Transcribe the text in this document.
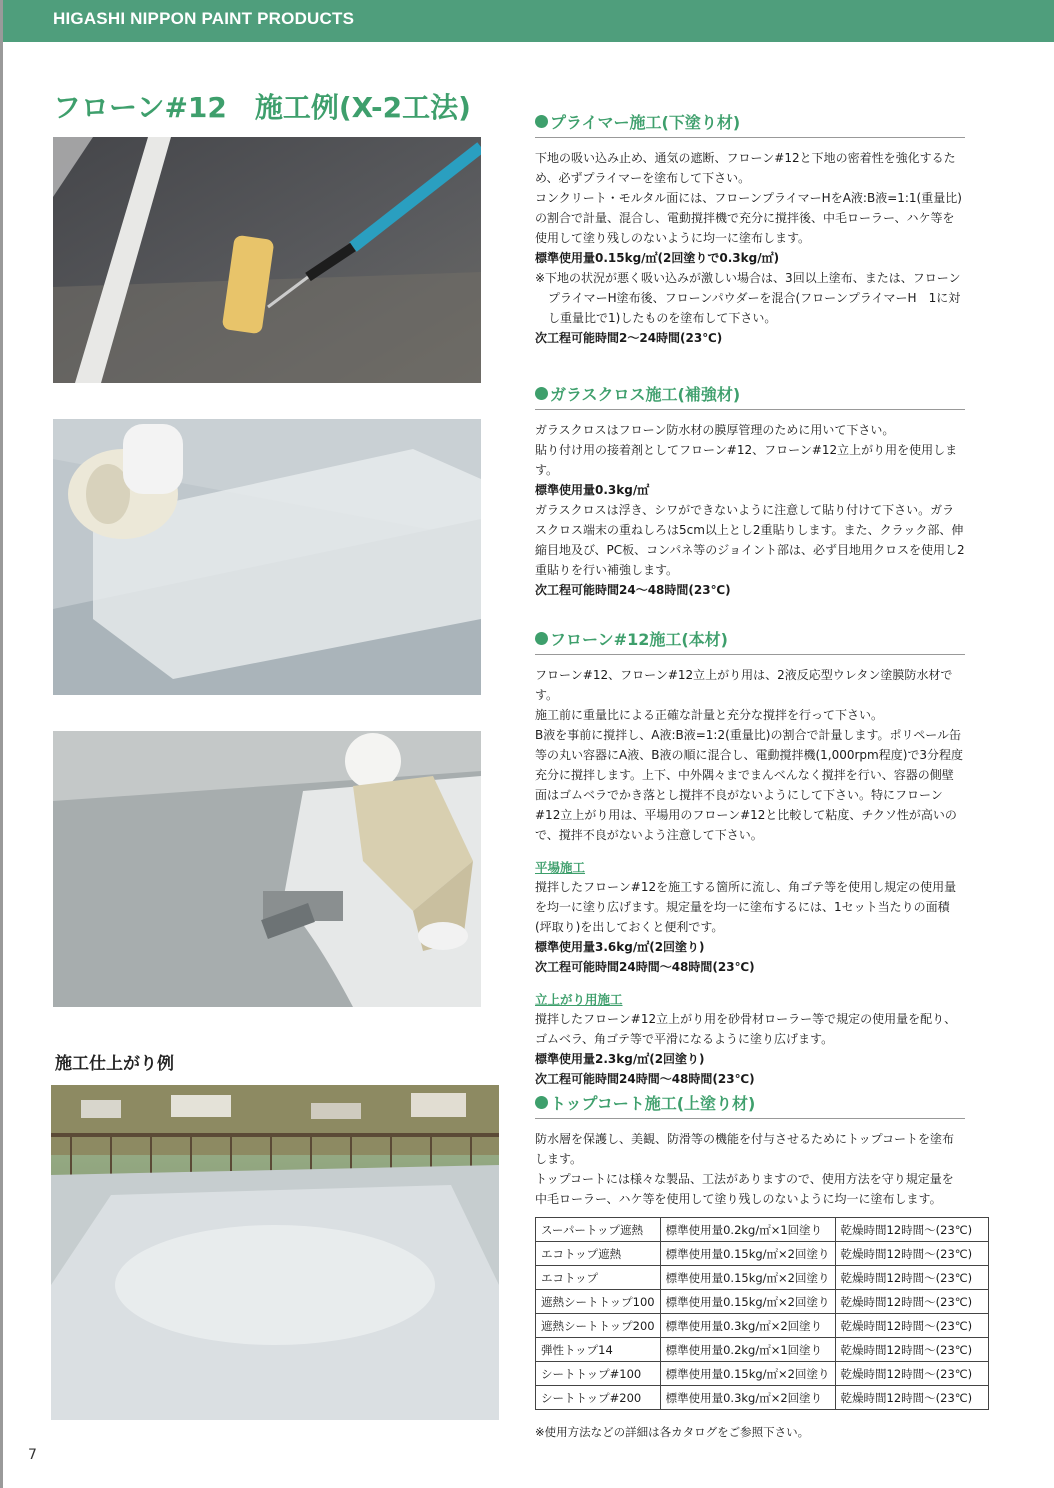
HIGASHI NIPPON PAINT PRODUCTS
フローン#12　施工例(X-2工法)
施工仕上がり例
プライマー施工(下塗り材)

下地の吸い込み止め、通気の遮断、フローン#12と下地の密着性を強化するため、必ずプライマーを塗布して下さい。

コンクリート・モルタル面には、フローンプライマーHをA液:B液=1:1(重量比)の割合で計量、混合し、電動撹拌機で充分に撹拌後、中毛ローラー、ハケ等を使用して塗り残しのないように均一に塗布します。

標準使用量0.15kg/㎡(2回塗りで0.3kg/㎡)

※下地の状況が悪く吸い込みが激しい場合は、3回以上塗布、または、フローンプライマーH塗布後、フローンパウダーを混合(フローンプライマーH　1に対し重量比で1)したものを塗布して下さい。

次工程可能時間2〜24時間(23℃)

ガラスクロス施工(補強材)

ガラスクロスはフローン防水材の膜厚管理のために用いて下さい。

貼り付け用の接着剤としてフローン#12、フローン#12立上がり用を使用します。

標準使用量0.3kg/㎡

ガラスクロスは浮き、シワができないように注意して貼り付けて下さい。ガラスクロス端末の重ねしろは5cm以上とし2重貼りします。また、クラック部、伸縮目地及び、PC板、コンパネ等のジョイント部は、必ず目地用クロスを使用し2重貼りを行い補強します。

次工程可能時間24〜48時間(23℃)

フローン#12施工(本材)

フローン#12、フローン#12立上がり用は、2液反応型ウレタン塗膜防水材です。

施工前に重量比による正確な計量と充分な撹拌を行って下さい。

B液を事前に撹拌し、A液:B液=1:2(重量比)の割合で計量します。ポリペール缶等の丸い容器にA液、B液の順に混合し、電動撹拌機(1,000rpm程度)で3分程度充分に撹拌します。上下、中外隅々までまんべんなく撹拌を行い、容器の側壁面はゴムベラでかき落とし撹拌不良がないようにして下さい。特にフローン#12立上がり用は、平場用のフローン#12と比較して粘度、チクソ性が高いので、撹拌不良がないよう注意して下さい。

平場施工

撹拌したフローン#12を施工する箇所に流し、角ゴテ等を使用し規定の使用量を均一に塗り広げます。規定量を均一に塗布するには、1セット当たりの面積(坪取り)を出しておくと便利です。

標準使用量3.6kg/㎡(2回塗り)

次工程可能時間24時間〜48時間(23℃)

立上がり用施工

撹拌したフローン#12立上がり用を砂骨材ローラー等で規定の使用量を配り、ゴムベラ、角ゴテ等で平滑になるように塗り広げます。

標準使用量2.3kg/㎡(2回塗り)

次工程可能時間24時間〜48時間(23℃)

トップコート施工(上塗り材)

防水層を保護し、美観、防滑等の機能を付与させるためにトップコートを塗布します。

トップコートには様々な製品、工法がありますので、使用方法を守り規定量を中毛ローラー、ハケ等を使用して塗り残しのないように均一に塗布します。

スーパートップ遮熱	標準使用量0.2kg/㎡×1回塗り	乾燥時間12時間〜(23℃)
エコトップ遮熱	標準使用量0.15kg/㎡×2回塗り	乾燥時間12時間〜(23℃)
エコトップ	標準使用量0.15kg/㎡×2回塗り	乾燥時間12時間〜(23℃)
遮熱シートトップ100	標準使用量0.15kg/㎡×2回塗り	乾燥時間12時間〜(23℃)
遮熱シートトップ200	標準使用量0.3kg/㎡×2回塗り	乾燥時間12時間〜(23℃)
弾性トップ14	標準使用量0.2kg/㎡×1回塗り	乾燥時間12時間〜(23℃)
シートトップ#100	標準使用量0.15kg/㎡×2回塗り	乾燥時間12時間〜(23℃)
シートトップ#200	標準使用量0.3kg/㎡×2回塗り	乾燥時間12時間〜(23℃)
※使用方法などの詳細は各カタログをご参照下さい。
7
